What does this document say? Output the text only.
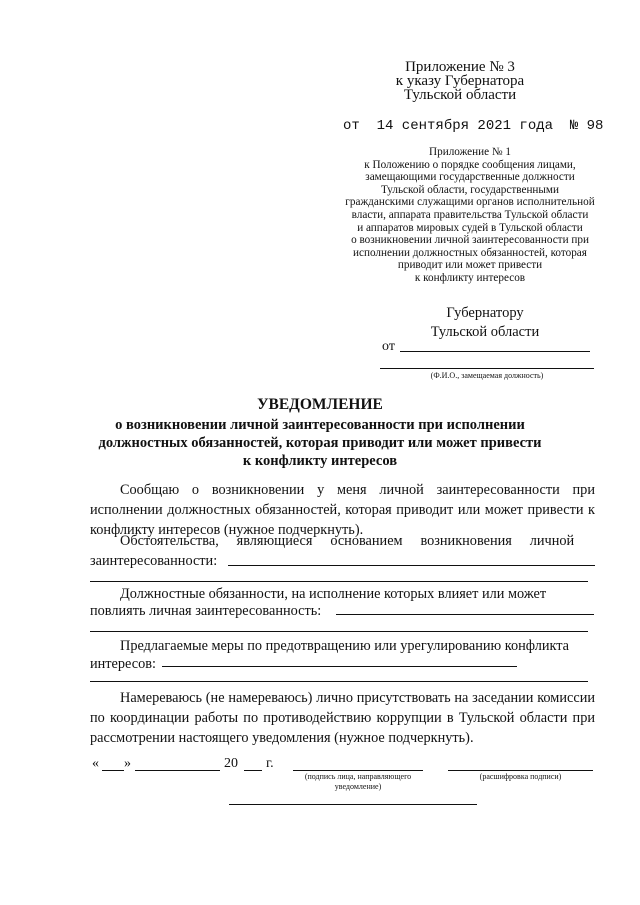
Приложение № 3
к указу Губернатора
Тульской области
от  14 сентября 2021 года  № 98
Приложение № 1
к Положению о порядке сообщения лицами,
замещающими государственные должности
Тульской области, государственными
гражданскими служащими органов исполнительной
власти, аппарата правительства Тульской области
и аппаратов мировых судей в Тульской области
о возникновении личной заинтересованности при
исполнении должностных обязанностей, которая
приводит или может привести
к конфликту интересов
Губернатору
Тульской области
от
(Ф.И.О., замещаемая должность)
УВЕДОМЛЕНИЕ
о возникновении личной заинтересованности при исполнении
должностных обязанностей, которая приводит или может привести
к конфликту интересов
Сообщаю о возникновении у меня личной заинтересованности при исполнении должностных обязанностей, которая приводит или может привести к конфликту интересов (нужное подчеркнуть).
Обстоятельства,     являющиеся     основанием     возникновения     личной
заинтересованности:
Должностные обязанности, на исполнение которых влияет или может
повлиять личная заинтересованность:
Предлагаемые меры по предотвращению или урегулированию конфликта
интересов:
Намереваюсь (не намереваюсь) лично присутствовать на заседании комиссии по координации работы по противодействию коррупции в Тульской области при рассмотрении настоящего уведомления (нужное подчеркнуть).
« »	20 г.
(подпись лица, направляющего уведомление)
(расшифровка подписи)
